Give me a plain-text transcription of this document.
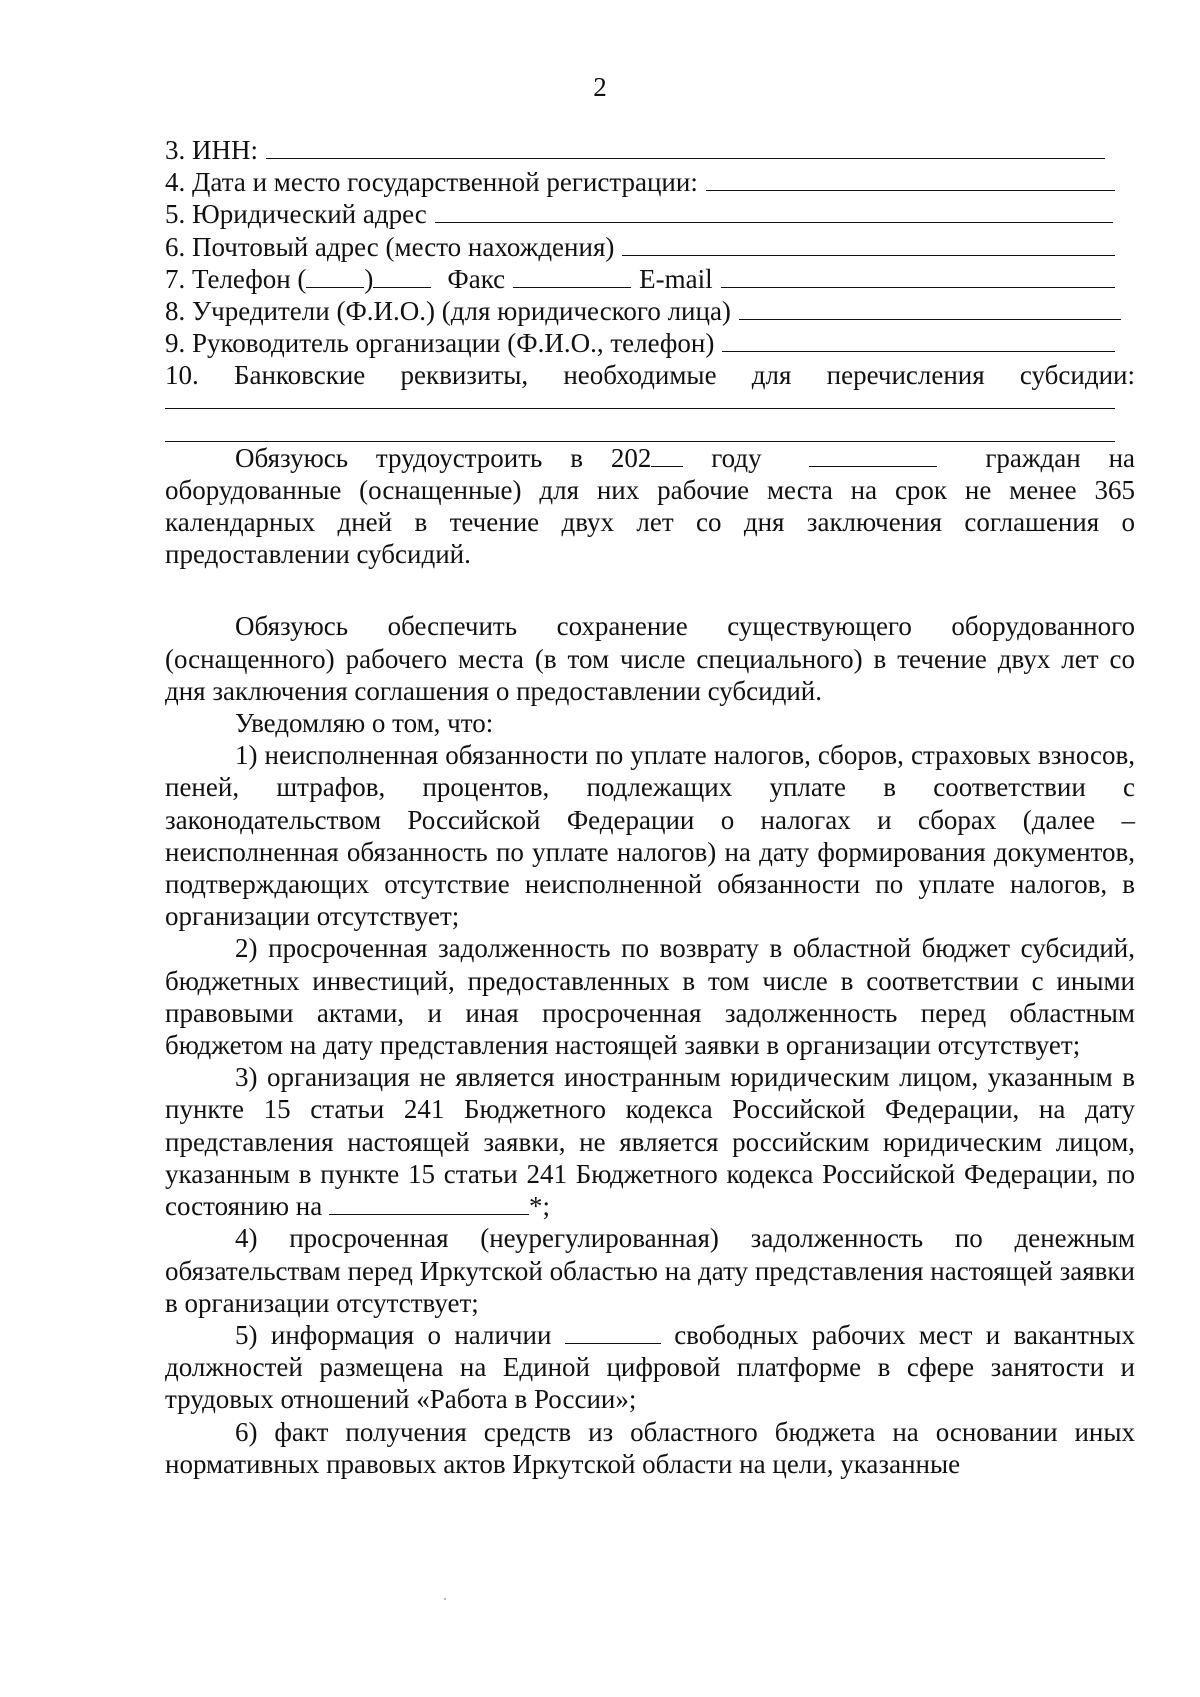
2
3. ИНН:
4. Дата и место государственной регистрации:
5. Юридический адрес
6. Почтовый адрес (место нахождения)
7. Телефон ( )	Факс	E-mail
8. Учредители (Ф.И.О.) (для юридического лица)
9. Руководитель организации (Ф.И.О., телефон)
10. Банковские реквизиты, необходимые для перечисления субсидии:

Обязуюсь трудоустроить в 202 году	граждан на оборудованные (оснащенные) для них рабочие места на срок не менее 365 календарных дней в течение двух лет со дня заключения соглашения о предоставлении субсидий.

Обязуюсь обеспечить сохранение существующего оборудованного (оснащенного) рабочего места (в том числе специального) в течение двух лет со дня заключения соглашения о предоставлении субсидий.

Уведомляю о том, что:

1) неисполненная обязанности по уплате налогов, сборов, страховых взносов, пеней, штрафов, процентов, подлежащих уплате в соответствии с законодательством Российской Федерации о налогах и сборах (далее – неисполненная обязанность по уплате налогов) на дату формирования документов, подтверждающих отсутствие неисполненной обязанности по уплате налогов, в организации отсутствует;

2) просроченная задолженность по возврату в областной бюджет субсидий, бюджетных инвестиций, предоставленных в том числе в соответствии с иными правовыми актами, и иная просроченная задолженность перед областным бюджетом на дату представления настоящей заявки в организации отсутствует;

3) организация не является иностранным юридическим лицом, указанным в пункте 15 статьи 241 Бюджетного кодекса Российской Федерации, на дату представления настоящей заявки, не является российским юридическим лицом, указанным в пункте 15 статьи 241 Бюджетного кодекса Российской Федерации, по состоянию на	*;

4) просроченная (неурегулированная) задолженность по денежным обязательствам перед Иркутской областью на дату представления настоящей заявки в организации отсутствует;

5) информация о наличии	свободных рабочих мест и вакантных должностей размещена на Единой цифровой платформе в сфере занятости и трудовых отношений «Работа в России»;

6) факт получения средств из областного бюджета на основании иных нормативных правовых актов Иркутской области на цели, указанные
